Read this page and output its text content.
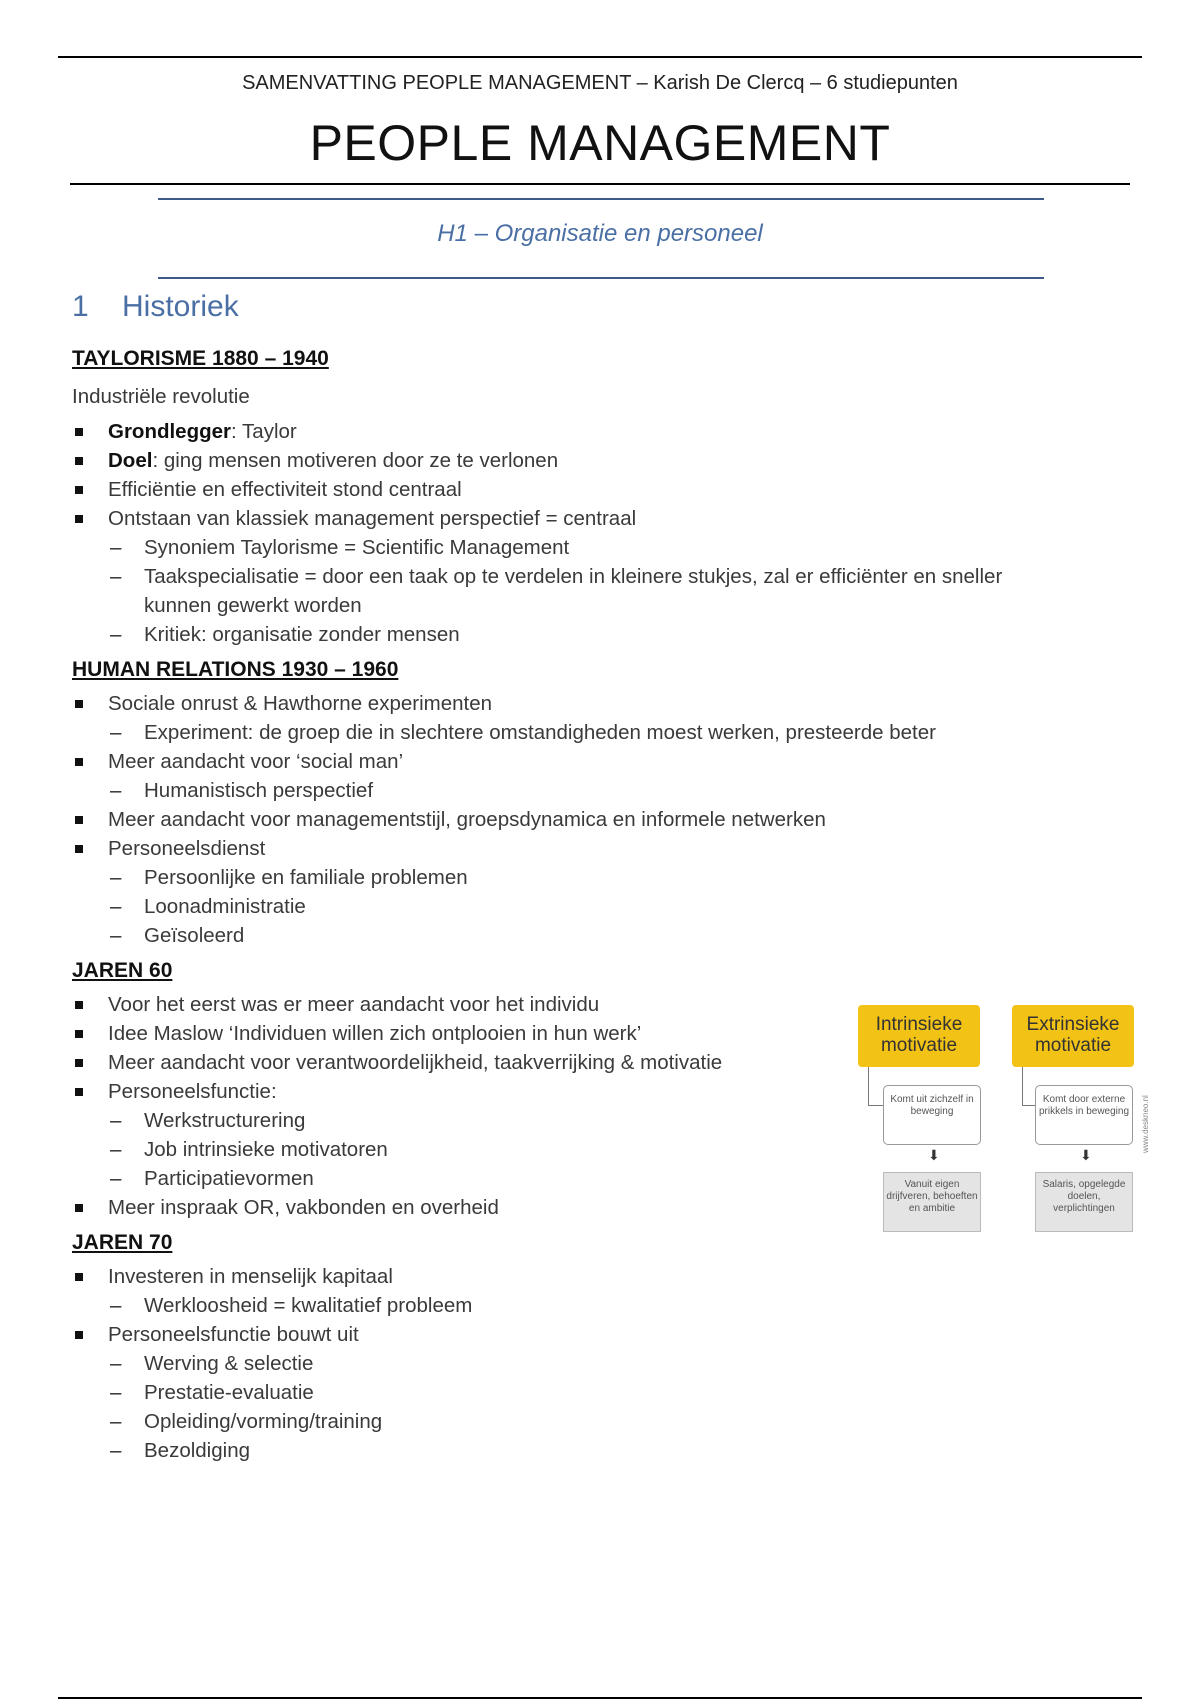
SAMENVATTING PEOPLE MANAGEMENT – Karish De Clercq – 6 studiepunten
PEOPLE MANAGEMENT
H1 – Organisatie en personeel
1 Historiek
TAYLORISME 1880 – 1940
Industriële revolutie
Grondlegger: Taylor
Doel: ging mensen motiveren door ze te verlonen
Efficiëntie en effectiviteit stond centraal
Ontstaan van klassiek management perspectief = centraal
– Synoniem Taylorisme = Scientific Management
– Taakspecialisatie = door een taak op te verdelen in kleinere stukjes, zal er efficiënter en sneller kunnen gewerkt worden
– Kritiek: organisatie zonder mensen
HUMAN RELATIONS 1930 – 1960
Sociale onrust & Hawthorne experimenten
– Experiment: de groep die in slechtere omstandigheden moest werken, presteerde beter
Meer aandacht voor ‘social man’
– Humanistisch perspectief
Meer aandacht voor managementstijl, groepsdynamica en informele netwerken
Personeelsdienst
– Persoonlijke en familiale problemen
– Loonadministratie
– Geïsoleerd
JAREN 60
Voor het eerst was er meer aandacht voor het individu
Idee Maslow ‘Individuen willen zich ontplooien in hun werk’
Meer aandacht voor verantwoordelijkheid, taakverrijking & motivatie
Personeelsfunctie:
– Werkstructurering
– Job intrinsieke motivatoren
– Participatievormen
Meer inspraak OR, vakbonden en overheid
JAREN 70
Investeren in menselijk kapitaal
– Werkloosheid = kwalitatief probleem
Personeelsfunctie bouwt uit
– Werving & selectie
– Prestatie-evaluatie
– Opleiding/vorming/training
– Bezoldiging
Intrinsieke motivatie
Komt uit zichzelf in beweging
⬇
Vanuit eigen drijfveren, behoeften en ambitie
Extrinsieke motivatie
Komt door externe prikkels in beweging
⬇
Salaris, opgelegde doelen, verplichtingen
www.deskneo.nl
